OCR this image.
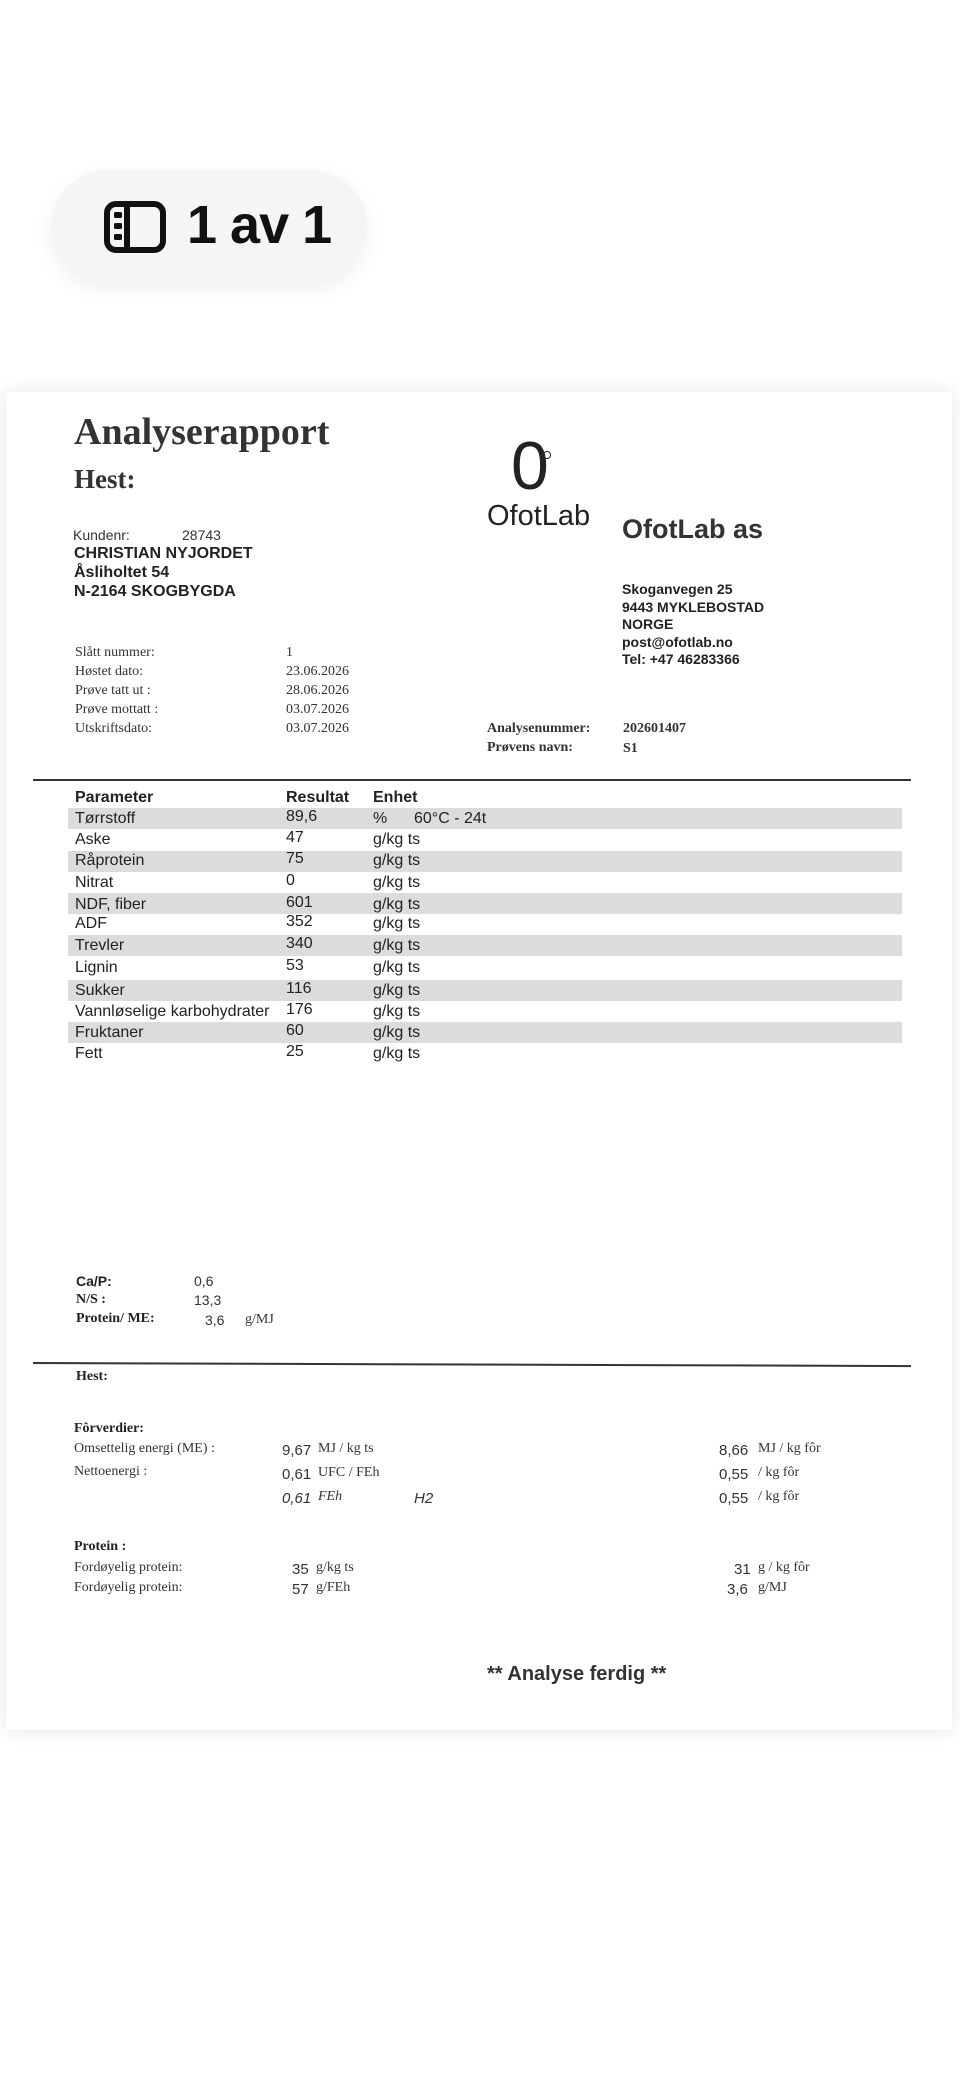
1 av 1
Analyserapport
Hest:
Kundenr:	28743
CHRISTIAN NYJORDET
Åsliholtet 54
N-2164 SKOGBYGDA
0
OfotLab OfotLab as
Skoganvegen 25
9443 MYKLEBOSTAD
NORGE
post@ofotlab.no
Tel: +47 46283366
Slått nummer:	1
Høstet dato:	23.06.2026
Prøve tatt ut :	28.06.2026
Prøve mottatt :	03.07.2026
Utskriftsdato:	03.07.2026	Analysenummer: 202601407
Prøvens navn:	S1
Parameter	Resultat Enhet
Tørrstoff	89,6	% 60°C - 24t
Aske	47	g/kg ts
Råprotein	75	g/kg ts
Nitrat	0	g/kg ts
NDF, fiber	601	g/kg ts
ADF	352	g/kg ts
Trevler	340	g/kg ts
Lignin	53	g/kg ts
Sukker	116	g/kg ts
Vannløselige karbohydrater 176	g/kg ts
Fruktaner	60	g/kg ts
Fett	25	g/kg ts
Ca/P:	0,6
N/S :	13,3
Protein/ ME:	3,6 g/MJ
Hest:
Fôrverdier:
Omsettelig energi (ME) :	9,67 MJ / kg ts	8,66 MJ / kg fôr
Nettoenergi :	0,61 UFC / FEh	0,55 / kg fôr
0,61 FEh	H2	0,55 / kg fôr
Protein :
Fordøyelig protein:	35 g/kg ts	31 g / kg fôr
Fordøyelig protein:	57 g/FEh	3,6 g/MJ
** Analyse ferdig **
